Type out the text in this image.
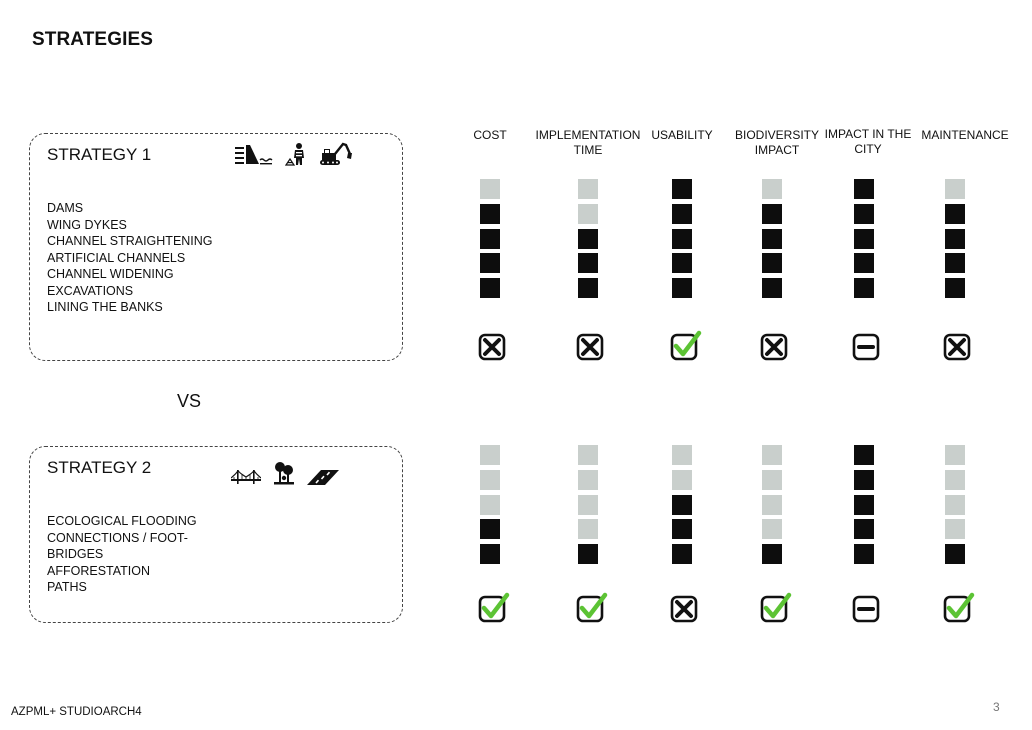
STRATEGIES
STRATEGY 1
DAMS
WING DYKES
CHANNEL STRAIGHTENING
ARTIFICIAL CHANNELS
CHANNEL WIDENING
EXCAVATIONS
LINING THE BANKS
VS
STRATEGY 2
ECOLOGICAL FLOODING
CONNECTIONS / FOOT-BRIDGES
AFFORESTATION
PATHS
COST IMPLEMENTATION TIME
USABILITY BIODIVERSITY IMPACT
IMPACT IN THE CITY
MAINTENANCE
AZPML+ STUDIOARCH4	3
